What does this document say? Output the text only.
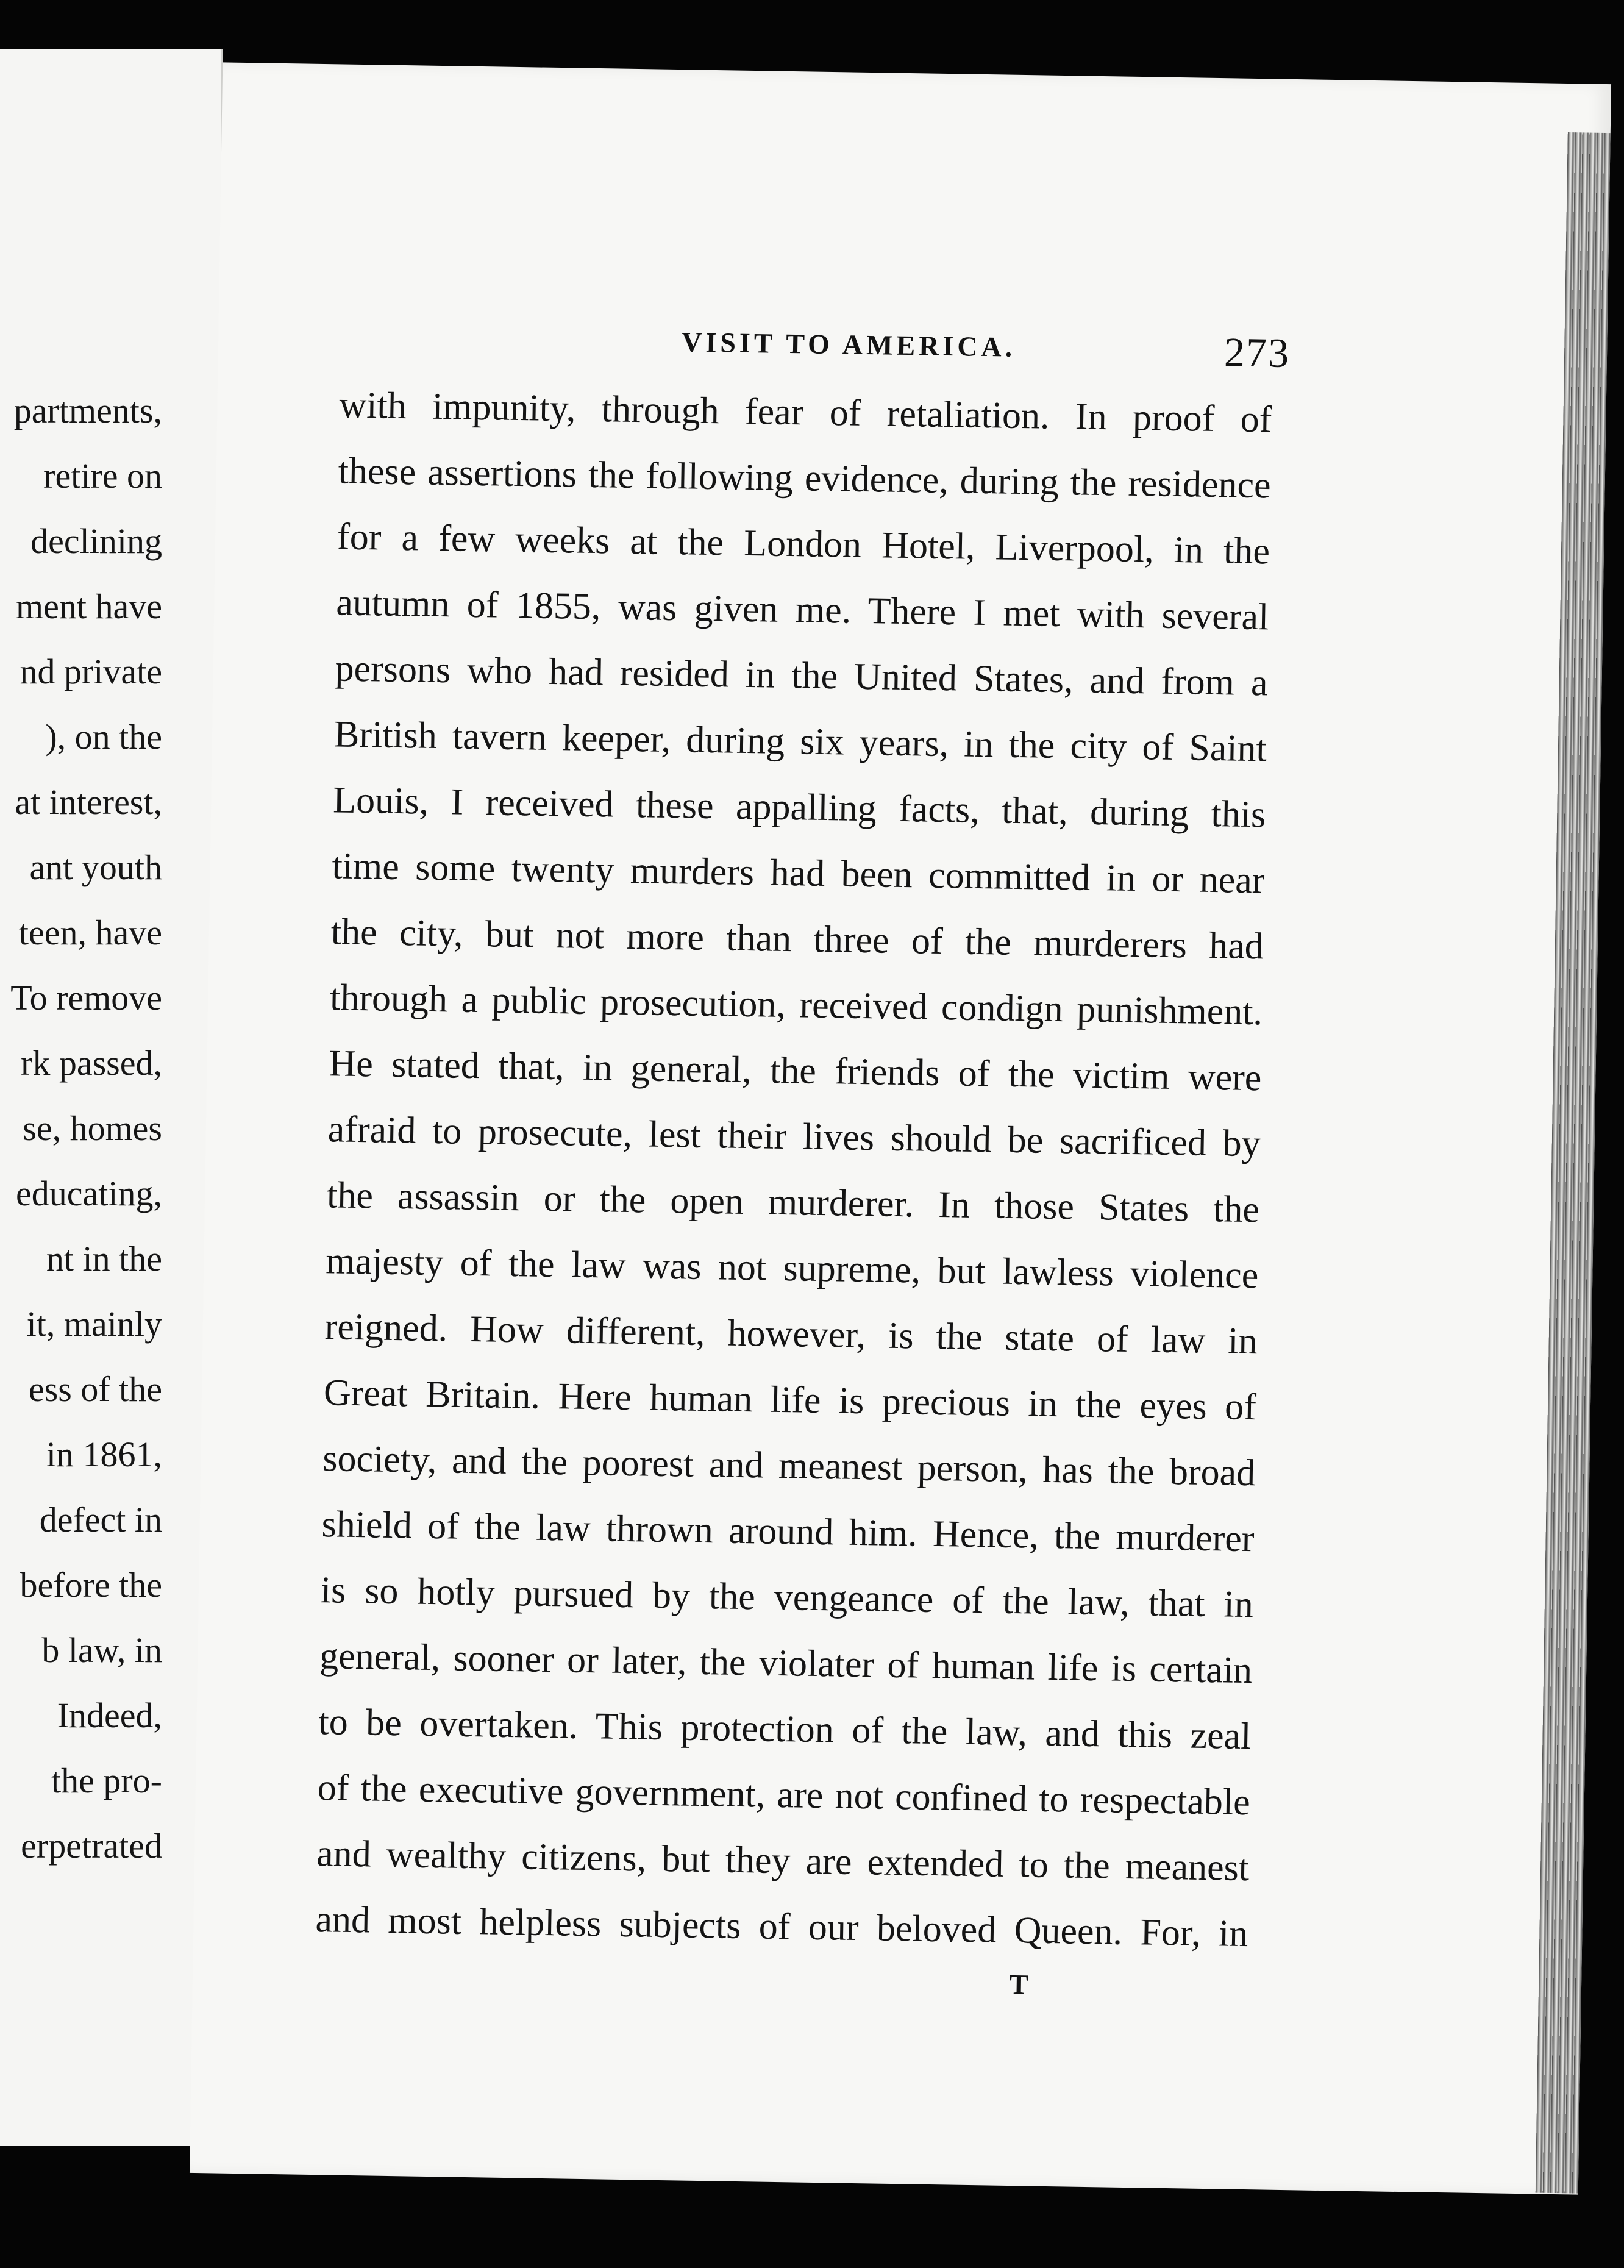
partments,
retire on
declining
ment have
nd private
), on the
at interest,
ant youth
teen, have
To remove
rk passed,
se, homes
educating,
nt in the
it, mainly
ess of the
in 1861,
defect in
before the
b law, in
Indeed,
the pro-
erpetrated
VISIT TO AMERICA.	273
with impunity, through fear of retaliation. In proof of
these assertions the following evidence, during the residence
for a few weeks at the London Hotel, Liverpool, in the
autumn of 1855, was given me. There I met with several
persons who had resided in the United States, and from a
British tavern keeper, during six years, in the city of Saint
Louis, I received these appalling facts, that, during this
time some twenty murders had been committed in or near
the city, but not more than three of the murderers had
through a public prosecution, received condign punishment.
He stated that, in general, the friends of the victim were
afraid to prosecute, lest their lives should be sacrificed by
the assassin or the open murderer. In those States the
majesty of the law was not supreme, but lawless violence
reigned. How different, however, is the state of law in
Great Britain. Here human life is precious in the eyes of
society, and the poorest and meanest person, has the broad
shield of the law thrown around him. Hence, the murderer
is so hotly pursued by the vengeance of the law, that in
general, sooner or later, the violater of human life is certain
to be overtaken. This protection of the law, and this zeal
of the executive government, are not confined to respectable
and wealthy citizens, but they are extended to the meanest
and most helpless subjects of our beloved Queen. For, in
T
